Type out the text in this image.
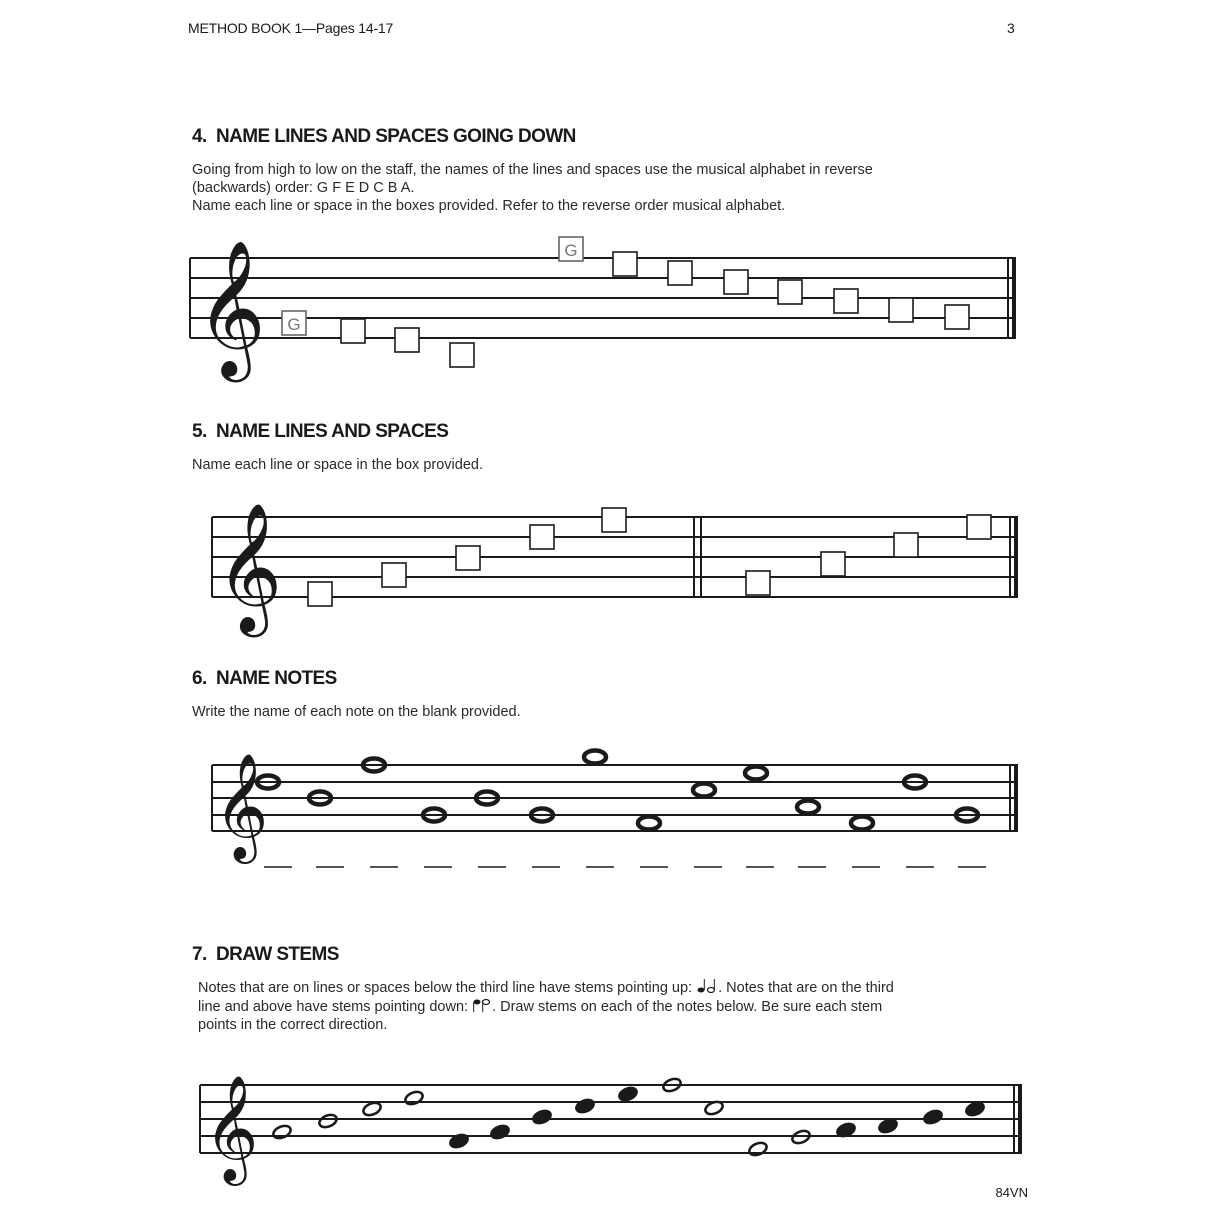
METHOD BOOK 1—Pages 14-17	3
4. NAME LINES AND SPACES GOING DOWN
Going from high to low on the staff, the names of the lines and spaces use the musical alphabet in reverse
(backwards) order: G F E D C B A.
Name each line or space in the boxes provided. Refer to the reverse order musical alphabet.
𝄞 G
G
5. NAME LINES AND SPACES
Name each line or space in the box provided.
𝄞
6. NAME NOTES
Write the name of each note on the blank provided.
𝄞
7. DRAW STEMS
Notes that are on lines or spaces below the third line have stems pointing up: . Notes that are on the third
line and above have stems pointing down: . Draw stems on each of the notes below. Be sure each stem
points in the correct direction.
𝄞
84VN
